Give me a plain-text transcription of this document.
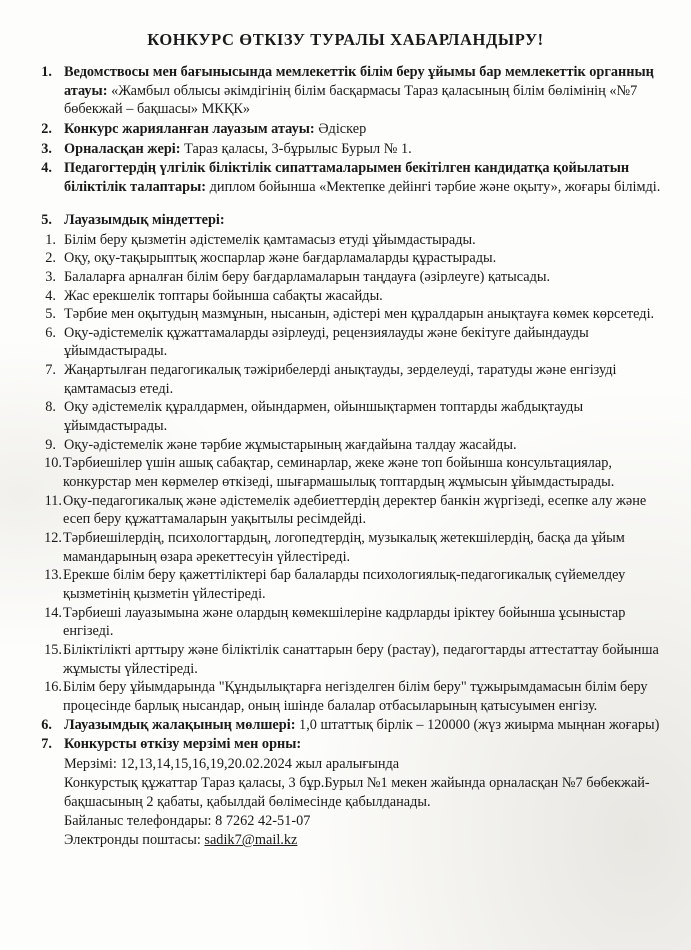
КОНКУРС ӨТКІЗУ ТУРАЛЫ ХАБАРЛАНДЫРУ!
1. Ведомствосы мен бағынысында мемлекеттік білім беру ұйымы бар мемлекеттік органның атауы: «Жамбыл облысы әкімдігінің білім басқармасы Тараз қаласының білім бөлімінің «№7 бөбекжай – бақшасы» МКҚК»
2. Конкурс жарияланған лауазым атауы: Әдіскер
3. Орналасқан жері: Тараз қаласы, 3-бұрылыс Бурыл № 1.
4. Педагогтердің үлгілік біліктілік сипаттамаларымен бекітілген кандидатқа қойылатын біліктілік талаптары: диплом бойынша «Мектепке дейінгі тәрбие және оқыту», жоғары білімді.
5. Лауазымдық міндеттері:
1. Білім беру қызметін әдістемелік қамтамасыз етуді ұйымдастырады.
2. Оқу, оқу-тақырыптық жоспарлар және бағдарламаларды құрастырады.
3. Балаларға арналған білім беру бағдарламаларын таңдауға (әзірлеуге) қатысады.
4. Жас ерекшелік топтары бойынша сабақты жасайды.
5. Тәрбие мен оқытудың мазмұнын, нысанын, әдістері мен құралдарын анықтауға көмек көрсетеді.
6. Оқу-әдістемелік құжаттамаларды әзірлеуді, рецензиялауды және бекітуге дайындауды ұйымдастырады.
7. Жаңартылған педагогикалық тәжірибелерді анықтауды, зерделеуді, таратуды және енгізуді қамтамасыз етеді.
8. Оқу әдістемелік құралдармен, ойындармен, ойыншықтармен топтарды жабдықтауды ұйымдастырады.
9. Оқу-әдістемелік және тәрбие жұмыстарының жағдайына талдау жасайды.
10. Тәрбиешілер үшін ашық сабақтар, семинарлар, жеке және топ бойынша консультациялар, конкурстар мен көрмелер өткізеді, шығармашылық топтардың жұмысын ұйымдастырады.
11. Оқу-педагогикалық және әдістемелік әдебиеттердің деректер банкін жүргізеді, есепке алу және есеп беру құжаттамаларын уақытылы ресімдейді.
12. Тәрбиешілердің, психологтардың, логопедтердің, музыкалық жетекшілердің, басқа да ұйым мамандарының өзара әрекеттесуін үйлестіреді.
13. Ерекше білім беру қажеттіліктері бар балаларды психологиялық-педагогикалық сүйемелдеу қызметінің қызметін үйлестіреді.
14. Тәрбиеші лауазымына және олардың көмекшілеріне кадрларды іріктеу бойынша ұсыныстар енгізеді.
15. Біліктілікті арттыру және біліктілік санаттарын беру (растау), педагогтарды аттестаттау бойынша жұмысты үйлестіреді.
16. Білім беру ұйымдарында "Құндылықтарға негізделген білім беру" тұжырымдамасын білім беру процесінде барлық нысандар, оның ішінде балалар отбасыларының қатысуымен енгізу.
6. Лауазымдық жалақының мөлшері: 1,0 штаттық бірлік – 120000 (жүз жиырма мыңнан жоғары)
7. Конкурсты өткізу мерзімі мен орны:
Мерзімі: 12,13,14,15,16,19,20.02.2024 жыл аралығында
Конкурстық құжаттар Тараз қаласы, 3 бұр.Бурыл №1 мекен жайында орналасқан №7 бөбекжай-бақшасының 2 қабаты, қабылдай бөлімесінде қабылданады.
Байланыс телефондары: 8 7262 42-51-07
Электронды поштасы: sadik7@mail.kz
